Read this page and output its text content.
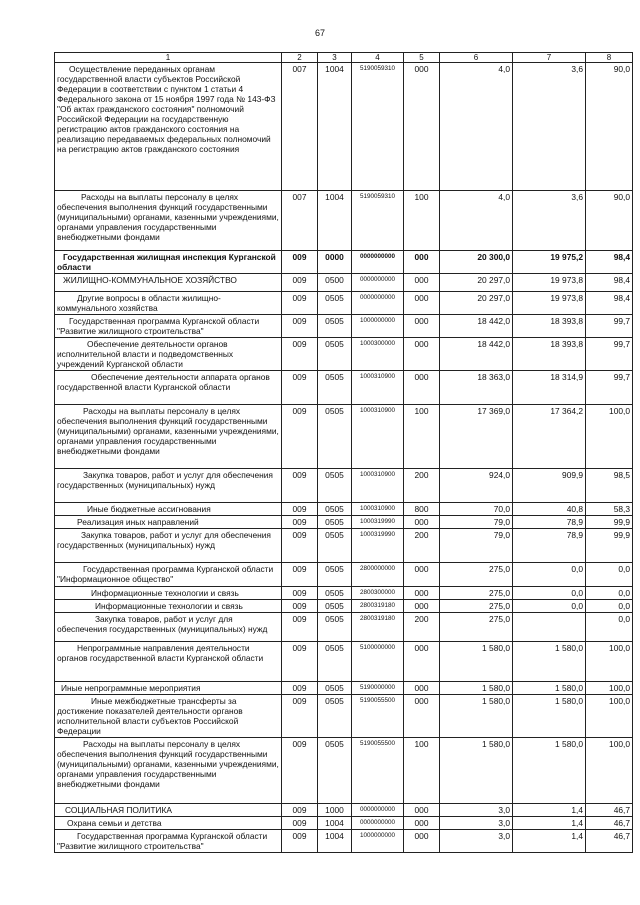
67
1	2	3	4	5	6	7	8
Осуществление переданных органам государственной власти субъектов Российской Федерации в соответствии с пунктом 1 статьи 4 Федерального закона от 15 ноября 1997 года № 143-ФЗ "Об актах гражданского состояния" полномочий Российской Федерации на государственную регистрацию актов гражданского состояния на реализацию передаваемых федеральных полномочий на регистрацию актов гражданского состояния	007	1004	5190059310	000	4,0	3,6	90,0
Расходы на выплаты персоналу в целях обеспечения выполнения функций государственными (муниципальными) органами, казенными учреждениями, органами управления государственными внебюджетными фондами	007	1004	5190059310	100	4,0	3,6	90,0
Государственная жилищная инспекция Курганской области	009	0000	0000000000	000	20 300,0	19 975,2	98,4
ЖИЛИЩНО-КОММУНАЛЬНОЕ ХОЗЯЙСТВО	009	0500	0000000000	000	20 297,0	19 973,8	98,4
Другие вопросы в области жилищно-коммунального хозяйства	009	0505	0000000000	000	20 297,0	19 973,8	98,4
Государственная программа Курганской области "Развитие жилищного строительства"	009	0505	1000000000	000	18 442,0	18 393,8	99,7
Обеспечение деятельности органов исполнительной власти и подведомственных учреждений Курганской области	009	0505	1000300000	000	18 442,0	18 393,8	99,7
Обеспечение деятельности аппарата органов государственной власти Курганской области	009	0505	1000310900	000	18 363,0	18 314,9	99,7
Расходы на выплаты персоналу в целях обеспечения выполнения функций государственными (муниципальными) органами, казенными учреждениями, органами управления государственными внебюджетными фондами	009	0505	1000310900	100	17 369,0	17 364,2	100,0
Закупка товаров, работ и услуг для обеспечения государственных (муниципальных) нужд	009	0505	1000310900	200	924,0	909,9	98,5
Иные бюджетные ассигнования	009	0505	1000310900	800	70,0	40,8	58,3
Реализация иных направлений	009	0505	1000319990	000	79,0	78,9	99,9
Закупка товаров, работ и услуг для обеспечения государственных (муниципальных) нужд	009	0505	1000319990	200	79,0	78,9	99,9
Государственная программа Курганской области "Информационное общество"	009	0505	2800000000	000	275,0	0,0	0,0
Информационные технологии и связь	009	0505	2800300000	000	275,0	0,0	0,0
Информационные технологии и связь	009	0505	2800319180	000	275,0	0,0	0,0
Закупка товаров, работ и услуг для обеспечения государственных (муниципальных) нужд	009	0505	2800319180	200	275,0		0,0
Непрограммные направления деятельности органов государственной власти Курганской области	009	0505	5100000000	000	1 580,0	1 580,0	100,0
Иные непрограммные мероприятия	009	0505	5190000000	000	1 580,0	1 580,0	100,0
Иные межбюджетные трансферты за достижение показателей деятельности органов исполнительной власти субъектов Российской Федерации	009	0505	5190055500	000	1 580,0	1 580,0	100,0
Расходы на выплаты персоналу в целях обеспечения выполнения функций государственными (муниципальными) органами, казенными учреждениями, органами управления государственными внебюджетными фондами	009	0505	5190055500	100	1 580,0	1 580,0	100,0
СОЦИАЛЬНАЯ ПОЛИТИКА	009	1000	0000000000	000	3,0	1,4	46,7
Охрана семьи и детства	009	1004	0000000000	000	3,0	1,4	46,7
Государственная программа Курганской области "Развитие жилищного строительства"	009	1004	1000000000	000	3,0	1,4	46,7
